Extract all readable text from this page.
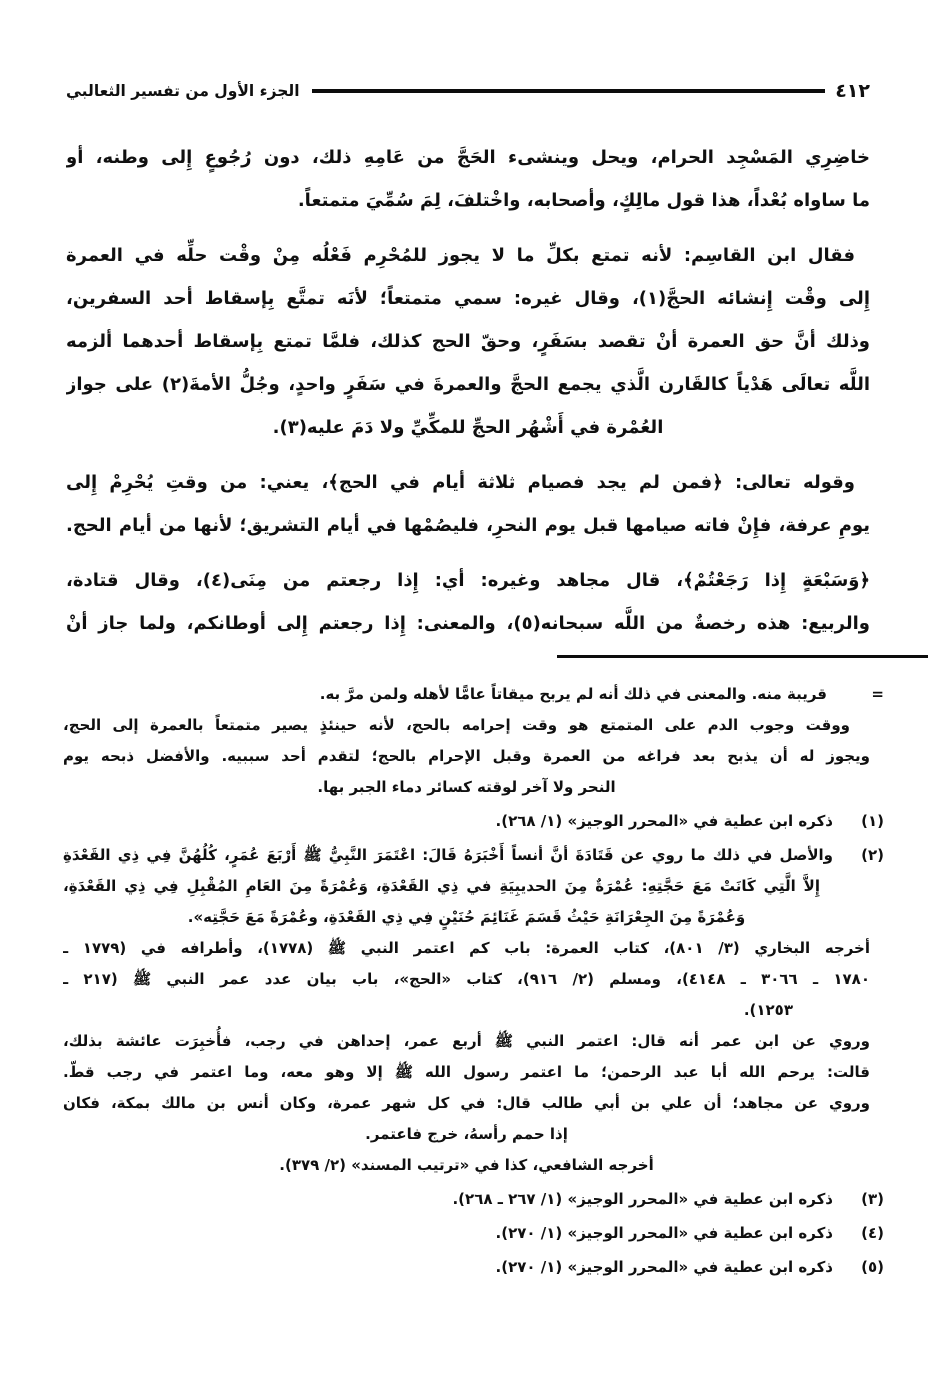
٤١٢
الجزء الأول من تفسير الثعالبي
خاضِرِي المَسْجِد الحرام، ويحل وينشىء الحَجَّ من عَامِهِ ذلك، دون رُجُوعٍ إِلى وطنه، أو
ما ساواه بُعْداً، هذا قول مالِكٍ، وأصحابه، واخْتلفَ، لِمَ سُمِّيَ متمتعاً.
فقال ابن القاسِم: لأنه تمتع بكلِّ ما لا يجوز للمُحْرِم فَعْلُه مِنْ وقْت حلِّه في العمرة
إِلى وقْت إِنشائه الحجَّ(١)، وقال غيره: سمي متمتعاً؛ لأنَه تمتَّع بِإسقاط أحد السفرين،
وذلك أنَّ حق العمرة أنْ تقصد بسَفَرٍ، وحقّ الحج كذلك، فلمَّا تمتع بِإسقاط أحدهما ألزمه
اللَّه تعالَى هَدْياً كالقَارن الَّذي يجمع الحجَّ والعمرةَ في سَفَرٍ واحدٍ، وجُلُّ الأمةَ(٢) على جواز
العُمْرة في أَشْهُر الحجِّ للمكِّيِّ ولا دَمَ عليه(٣).
وقوله تعالى: ﴿فمن لم يجد فصيام ثلاثة أيام في الحج﴾، يعني: من وقتِ يُحْرِمْ إِلى
يومِ عرفة، فإِنْ فاته صيامها قبل يوم النحرِ، فليصُمْها في أيام التشريق؛ لأنها من أيام الحج.
﴿وَسَبْعَةٍ إِذا رَجَعْتُمْ﴾، قال مجاهد وغيره: أي: إِذا رجعتم من مِنَى(٤)، وقال قتادة،
والربيع: هذه رخصةٌ من اللَّه سبحانه(٥)، والمعنى: إِذا رجعتم إِلى أوطانكم، ولما جاز أنْ
=
قريبة منه. والمعنى في ذلك أنه لم يربح ميقاتاً عامًّا لأهله ولمن مرَّ به.
ووقت وجوب الدم على المتمتع هو وقت إحرامه بالحج، لأنه حينئذٍ يصير متمتعاً بالعمرة إلى الحج،
ويجوز له أن يذبح بعد فراغه من العمرة وقبل الإحرام بالحج؛ لتقدم أحد سببيه. والأفضل ذبحه يوم
النحر ولا آخر لوقته كسائر دماء الجبر بها.
(١)
ذكره ابن عطية في «المحرر الوجيز» (١/ ٢٦٨).
(٢)
والأصل في ذلك ما روي عن قَتَادَةَ أنَّ أنساً أَخْبَرَهُ قَالَ: اعْتَمَرَ النَّبِيُّ ﷺ أَرْبَعَ عُمَرٍ، كُلُهُنَّ فِي ذِي القَعْدَةِ
إِلاَّ الَّتِي كَانَتْ مَعَ حَجَّتِهِ: عُمْرَةٌ مِنَ الحديبِيَةِ في ذِي القَعْدَةِ، وَعُمْرَةً مِنَ العَامِ المُقْبِلِ فِي ذِي القَعْدَةِ،
وَعُمْرَةً مِنَ الجِعْرَانَةِ حَيْثُ قَسَمَ غَنَائِمَ حُنَيْنٍ فِي ذِي القَعْدَةِ، وعُمْرَةً مَعَ حَجَّتِه».
أخرجه البخاري (٣/ ٨٠١)، كتاب العمرة: باب كم اعتمر النبي ﷺ (١٧٧٨)، وأطرافه في (١٧٧٩ ـ
١٧٨٠ ـ ٣٠٦٦ ـ ٤١٤٨)، ومسلم (٢/ ٩١٦)، كتاب «الحج»، باب بيان عدد عمر النبي ﷺ (٢١٧ ـ
١٢٥٣).
وروي عن ابن عمر أنه قال: اعتمر النبي ﷺ أربع عمر، إحداهن في رجب، فأُخبِرَت عائشة بذلك،
قالت: يرحم الله أبا عبد الرحمن؛ ما اعتمر رسول الله ﷺ إلا وهو معه، وما اعتمر في رجب قطّ.
وروي عن مجاهد؛ أن علي بن أبي طالب قال: في كل شهر عمرة، وكان أنس بن مالك بمكة، فكان
إذا حمم رأسهُ، خرج فاعتمر.
أخرجه الشافعي، كذا في «ترتيب المسند» (٢/ ٣٧٩).
(٣)
ذكره ابن عطية في «المحرر الوجيز» (١/ ٢٦٧ ـ ٢٦٨).
(٤)
ذكره ابن عطية في «المحرر الوجيز» (١/ ٢٧٠).
(٥)
ذكره ابن عطية في «المحرر الوجيز» (١/ ٢٧٠).
